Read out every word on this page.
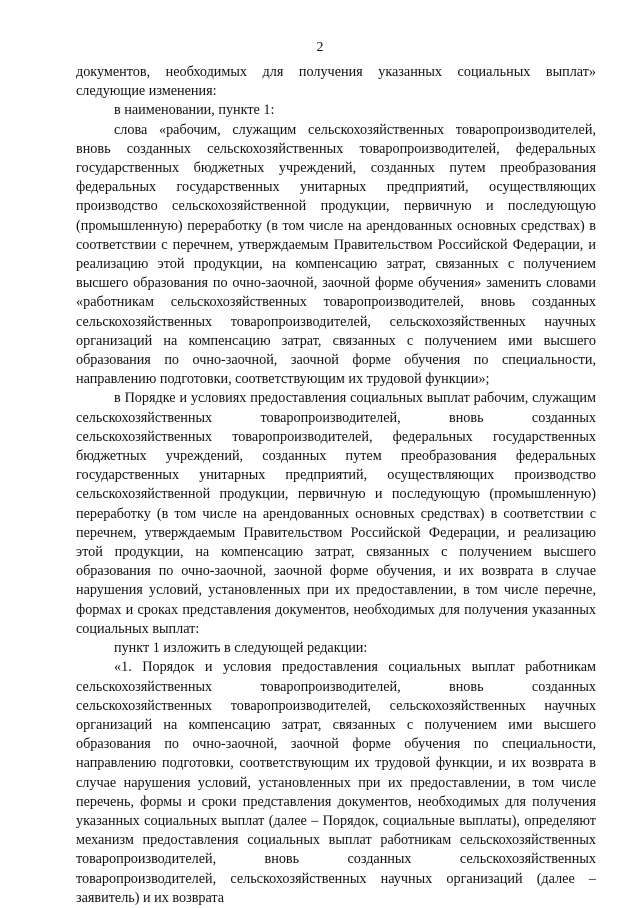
2

документов, необходимых для получения указанных социальных выплат» следующие изменения:

в наименовании, пункте 1:

слова «рабочим, служащим сельскохозяйственных товаропроизводителей, вновь созданных сельскохозяйственных товаропроизводителей, федеральных государственных бюджетных учреждений, созданных путем преобразования федеральных государственных унитарных предприятий, осуществляющих производство сельскохозяйственной продукции, первичную и последующую (промышленную) переработку (в том числе на арендованных основных средствах) в соответствии с перечнем, утверждаемым Правительством Российской Федерации, и реализацию этой продукции, на компенсацию затрат, связанных с получением высшего образования по очно-заочной, заочной форме обучения» заменить словами «работникам сельскохозяйственных товаропроизводителей, вновь созданных сельскохозяйственных товаропроизводителей, сельскохозяйственных научных организаций на компенсацию затрат, связанных с получением ими высшего образования по очно-заочной, заочной форме обучения по специальности, направлению подготовки, соответствующим их трудовой функции»;

в Порядке и условиях предоставления социальных выплат рабочим, служащим сельскохозяйственных товаропроизводителей, вновь созданных сельскохозяйственных товаропроизводителей, федеральных государственных бюджетных учреждений, созданных путем преобразования федеральных государственных унитарных предприятий, осуществляющих производство сельскохозяйственной продукции, первичную и последующую (промышленную) переработку (в том числе на арендованных основных средствах) в соответствии с перечнем, утверждаемым Правительством Российской Федерации, и реализацию этой продукции, на компенсацию затрат, связанных с получением высшего образования по очно-заочной, заочной форме обучения, и их возврата в случае нарушения условий, установленных при их предоставлении, в том числе перечне, формах и сроках представления документов, необходимых для получения указанных социальных выплат:

пункт 1 изложить в следующей редакции:

«1. Порядок и условия предоставления социальных выплат работникам сельскохозяйственных товаропроизводителей, вновь созданных сельскохозяйственных товаропроизводителей, сельскохозяйственных научных организаций на компенсацию затрат, связанных с получением ими высшего образования по очно-заочной, заочной форме обучения по специальности, направлению подготовки, соответствующим их трудовой функции, и их возврата в случае нарушения условий, установленных при их предоставлении, в том числе перечень, формы и сроки представления документов, необходимых для получения указанных социальных выплат (далее – Порядок, социальные выплаты), определяют механизм предоставления социальных выплат работникам сельскохозяйственных товаропроизводителей, вновь созданных сельскохозяйственных товаропроизводителей, сельскохозяйственных научных организаций (далее – заявитель) и их возврата
